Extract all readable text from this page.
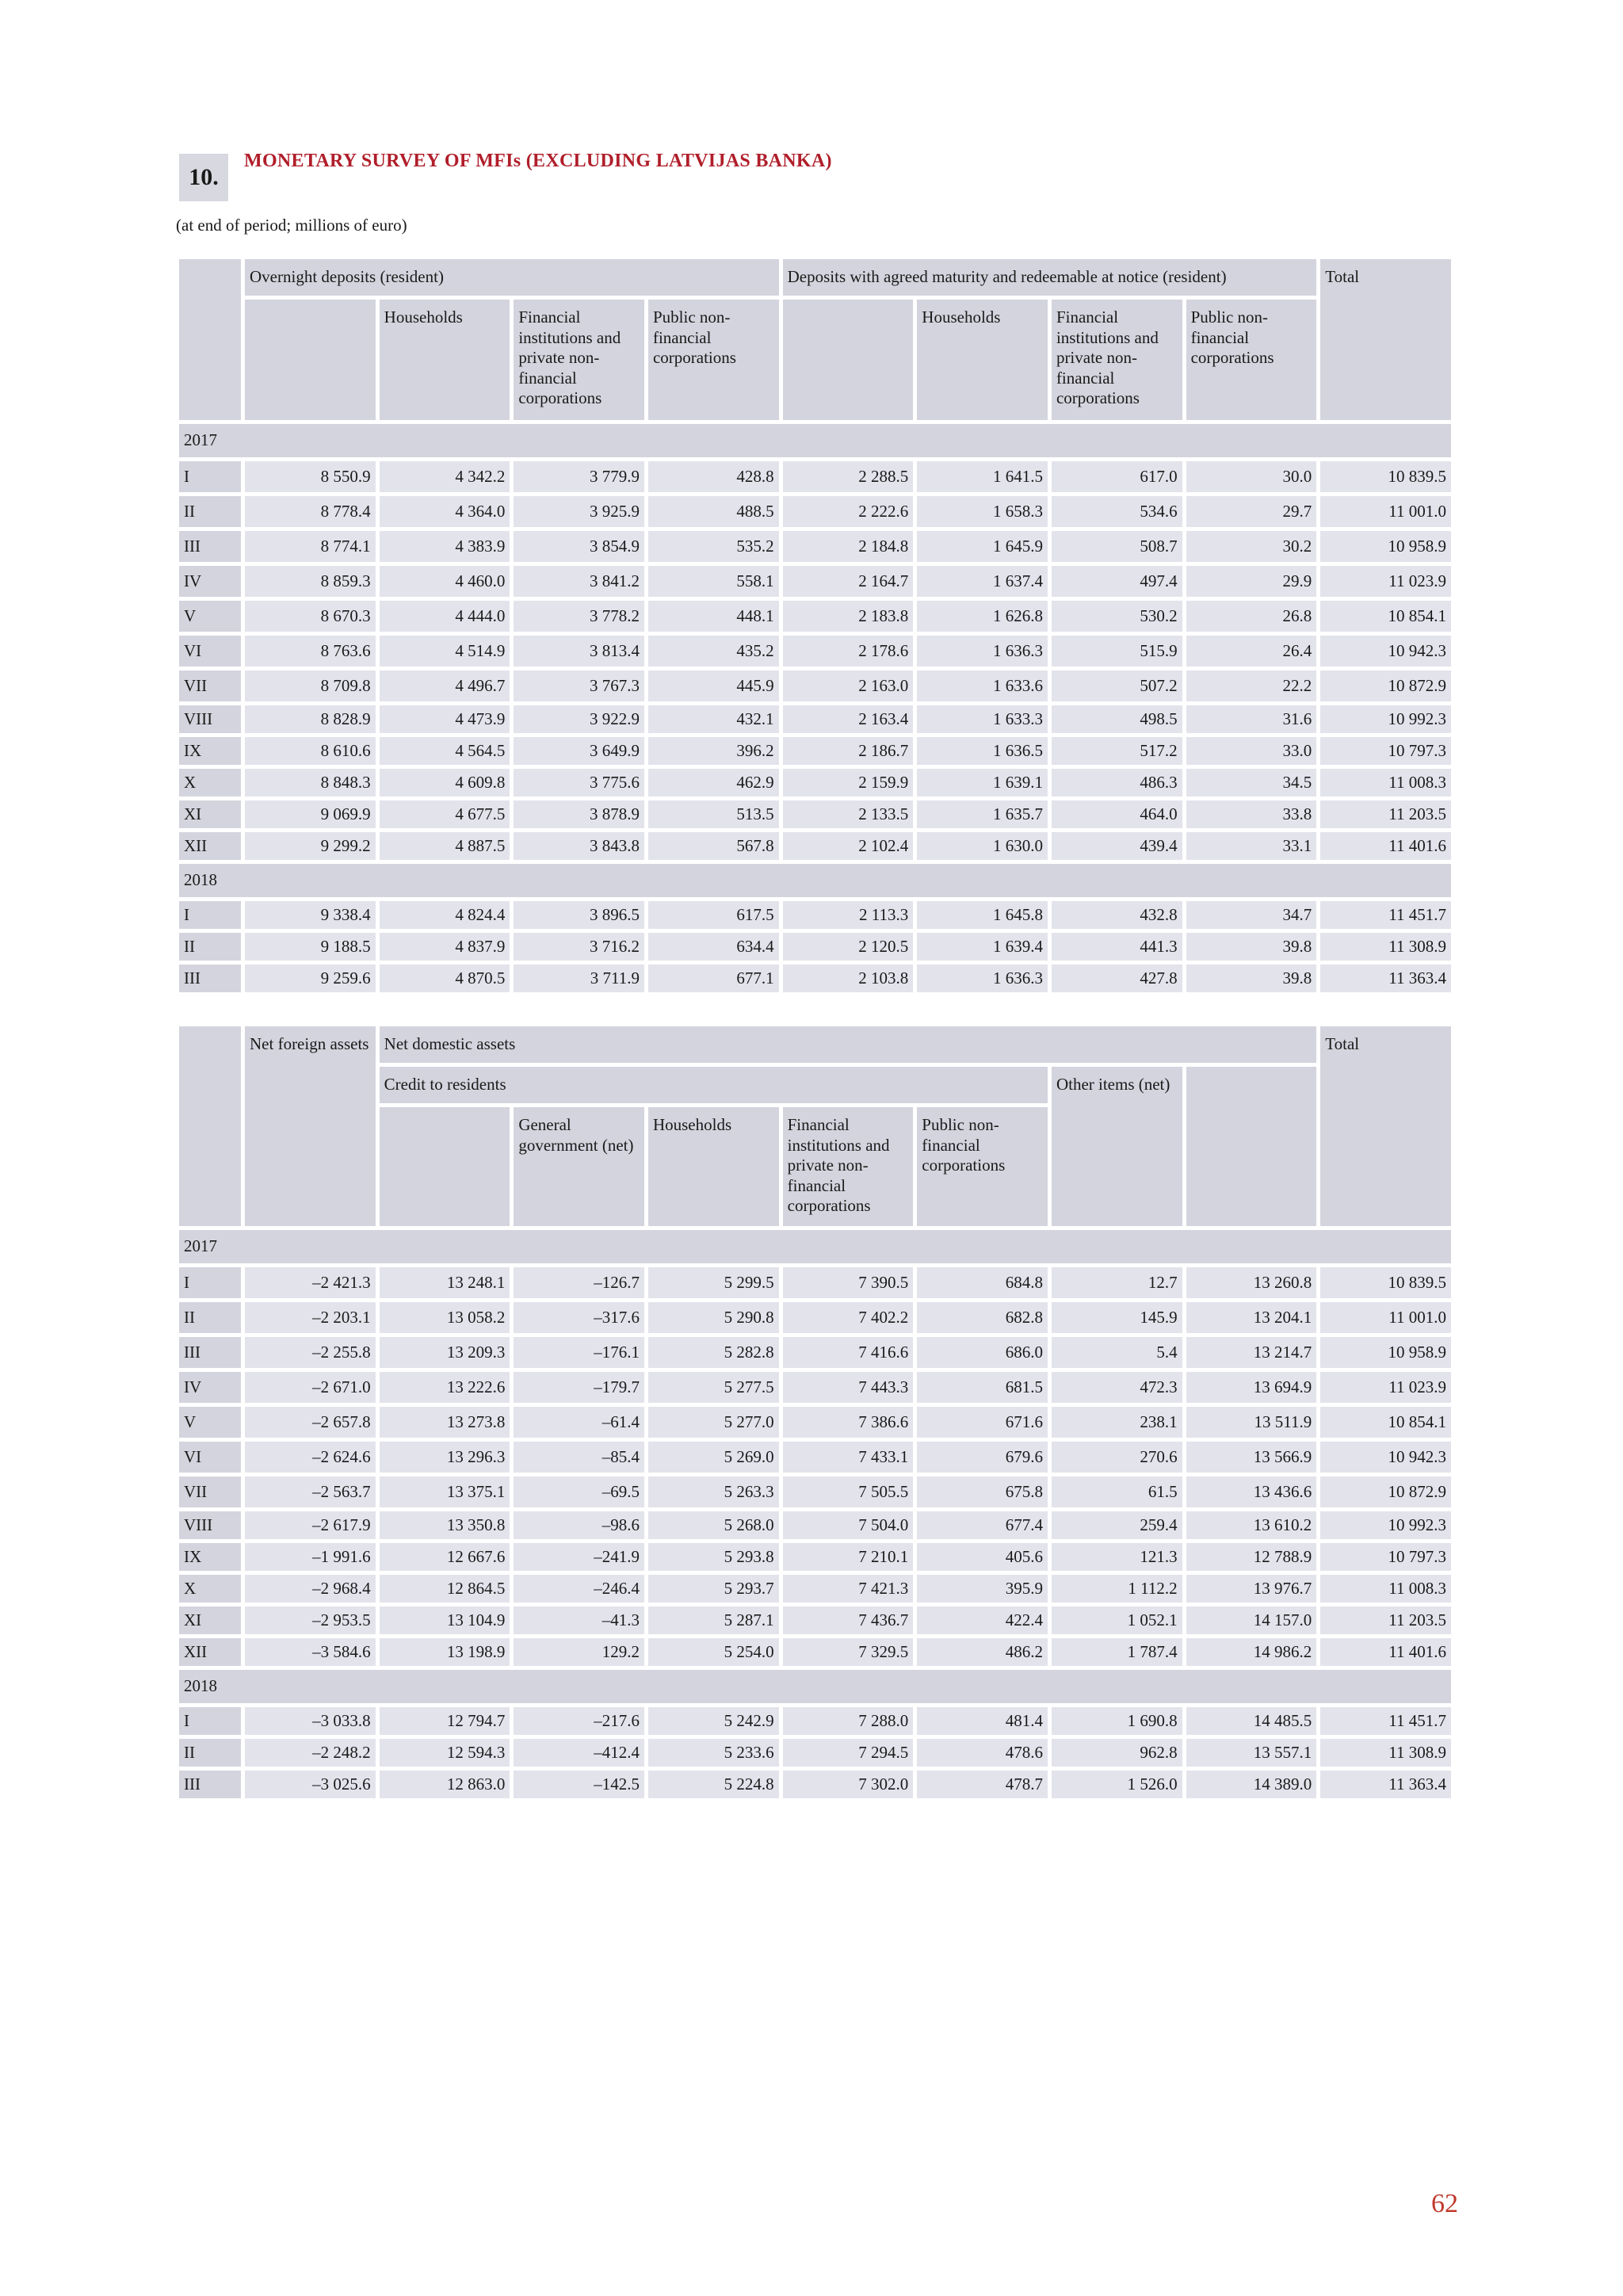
10.
MONETARY SURVEY OF MFIs (EXCLUDING LATVIJAS BANKA)
(at end of period; millions of euro)
	Overnight deposits (resident)				Deposits with agreed maturity and redeemable at notice (resident)				Total
		Households	Financial institutions and private non-financial corporations	Public non-financial corporations		Households	Financial institutions and private non-financial corporations	Public non-financial corporations	
2017									
I	8 550.9	4 342.2	3 779.9	428.8	2 288.5	1 641.5	617.0	30.0	10 839.5
II	8 778.4	4 364.0	3 925.9	488.5	2 222.6	1 658.3	534.6	29.7	11 001.0
III	8 774.1	4 383.9	3 854.9	535.2	2 184.8	1 645.9	508.7	30.2	10 958.9
IV	8 859.3	4 460.0	3 841.2	558.1	2 164.7	1 637.4	497.4	29.9	11 023.9
V	8 670.3	4 444.0	3 778.2	448.1	2 183.8	1 626.8	530.2	26.8	10 854.1
VI	8 763.6	4 514.9	3 813.4	435.2	2 178.6	1 636.3	515.9	26.4	10 942.3
VII	8 709.8	4 496.7	3 767.3	445.9	2 163.0	1 633.6	507.2	22.2	10 872.9
VIII	8 828.9	4 473.9	3 922.9	432.1	2 163.4	1 633.3	498.5	31.6	10 992.3
IX	8 610.6	4 564.5	3 649.9	396.2	2 186.7	1 636.5	517.2	33.0	10 797.3
X	8 848.3	4 609.8	3 775.6	462.9	2 159.9	1 639.1	486.3	34.5	11 008.3
XI	9 069.9	4 677.5	3 878.9	513.5	2 133.5	1 635.7	464.0	33.8	11 203.5
XII	9 299.2	4 887.5	3 843.8	567.8	2 102.4	1 630.0	439.4	33.1	11 401.6
2018									
I	9 338.4	4 824.4	3 896.5	617.5	2 113.3	1 645.8	432.8	34.7	11 451.7
II	9 188.5	4 837.9	3 716.2	634.4	2 120.5	1 639.4	441.3	39.8	11 308.9
III	9 259.6	4 870.5	3 711.9	677.1	2 103.8	1 636.3	427.8	39.8	11 363.4
	Net foreign assets	Net domestic assets							Total
		Credit to residents					Other items (net)		
			General government (net)	Households	Financial institutions and private non-financial corporations	Public non-financial corporations			
2017									
I	–2 421.3	13 248.1	–126.7	5 299.5	7 390.5	684.8	12.7	13 260.8	10 839.5
II	–2 203.1	13 058.2	–317.6	5 290.8	7 402.2	682.8	145.9	13 204.1	11 001.0
III	–2 255.8	13 209.3	–176.1	5 282.8	7 416.6	686.0	5.4	13 214.7	10 958.9
IV	–2 671.0	13 222.6	–179.7	5 277.5	7 443.3	681.5	472.3	13 694.9	11 023.9
V	–2 657.8	13 273.8	–61.4	5 277.0	7 386.6	671.6	238.1	13 511.9	10 854.1
VI	–2 624.6	13 296.3	–85.4	5 269.0	7 433.1	679.6	270.6	13 566.9	10 942.3
VII	–2 563.7	13 375.1	–69.5	5 263.3	7 505.5	675.8	61.5	13 436.6	10 872.9
VIII	–2 617.9	13 350.8	–98.6	5 268.0	7 504.0	677.4	259.4	13 610.2	10 992.3
IX	–1 991.6	12 667.6	–241.9	5 293.8	7 210.1	405.6	121.3	12 788.9	10 797.3
X	–2 968.4	12 864.5	–246.4	5 293.7	7 421.3	395.9	1 112.2	13 976.7	11 008.3
XI	–2 953.5	13 104.9	–41.3	5 287.1	7 436.7	422.4	1 052.1	14 157.0	11 203.5
XII	–3 584.6	13 198.9	129.2	5 254.0	7 329.5	486.2	1 787.4	14 986.2	11 401.6
2018									
I	–3 033.8	12 794.7	–217.6	5 242.9	7 288.0	481.4	1 690.8	14 485.5	11 451.7
II	–2 248.2	12 594.3	–412.4	5 233.6	7 294.5	478.6	962.8	13 557.1	11 308.9
III	–3 025.6	12 863.0	–142.5	5 224.8	7 302.0	478.7	1 526.0	14 389.0	11 363.4
62
